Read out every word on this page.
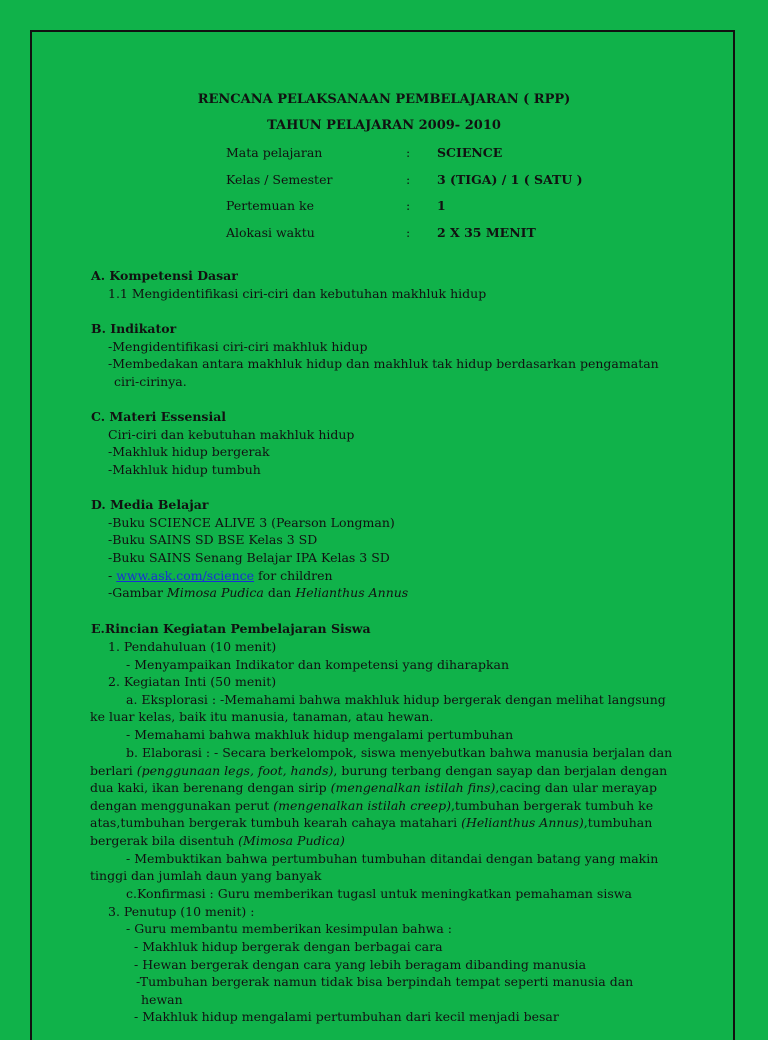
RENCANA PELAKSANAAN PEMBELAJARAN ( RPP)
TAHUN PELAJARAN 2009- 2010
Mata pelajaran	: SCIENCE
Kelas / Semester	: 3 (TIGA) / 1 ( SATU )
Pertemuan ke	: 1
Alokasi waktu	: 2 X 35 MENIT
A. Kompetensi Dasar
1.1 Mengidentifikasi ciri-ciri dan kebutuhan makhluk hidup
B. Indikator
-Mengidentifikasi ciri-ciri makhluk hidup
-Membedakan antara makhluk hidup dan makhluk tak hidup berdasarkan pengamatan
ciri-cirinya.
C. Materi Essensial
Ciri-ciri dan kebutuhan makhluk hidup
-Makhluk hidup bergerak
-Makhluk hidup tumbuh
D. Media Belajar
-Buku SCIENCE ALIVE 3 (Pearson Longman)
-Buku SAINS SD BSE Kelas 3 SD
-Buku SAINS Senang Belajar IPA Kelas 3 SD
- www.ask.com/science for children
-Gambar Mimosa Pudica dan Helianthus Annus
E.Rincian Kegiatan Pembelajaran Siswa
1. Pendahuluan (10 menit)
- Menyampaikan Indikator dan kompetensi yang diharapkan
2. Kegiatan Inti (50 menit)
a. Eksplorasi : -Memahami bahwa makhluk hidup bergerak dengan melihat langsung
ke luar kelas, baik itu manusia, tanaman, atau hewan.
- Memahami bahwa makhluk hidup mengalami pertumbuhan
b. Elaborasi : - Secara berkelompok, siswa menyebutkan bahwa manusia berjalan dan
berlari (penggunaan legs, foot, hands), burung terbang dengan sayap dan berjalan dengan
dua kaki, ikan berenang dengan sirip (mengenalkan istilah fins),cacing dan ular merayap
dengan menggunakan perut (mengenalkan istilah creep),tumbuhan bergerak tumbuh ke
atas,tumbuhan bergerak tumbuh kearah cahaya matahari (Helianthus Annus),tumbuhan
bergerak bila disentuh (Mimosa Pudica)
- Membuktikan bahwa pertumbuhan tumbuhan ditandai dengan batang yang makin
tinggi dan jumlah daun yang banyak
c.Konfirmasi : Guru memberikan tugasl untuk meningkatkan pemahaman siswa
3. Penutup (10 menit) :
- Guru membantu memberikan kesimpulan bahwa :
- Makhluk hidup bergerak dengan berbagai cara
- Hewan bergerak dengan cara yang lebih beragam dibanding manusia
-Tumbuhan bergerak namun tidak bisa berpindah tempat seperti manusia dan
hewan
- Makhluk hidup mengalami pertumbuhan dari kecil menjadi besar
